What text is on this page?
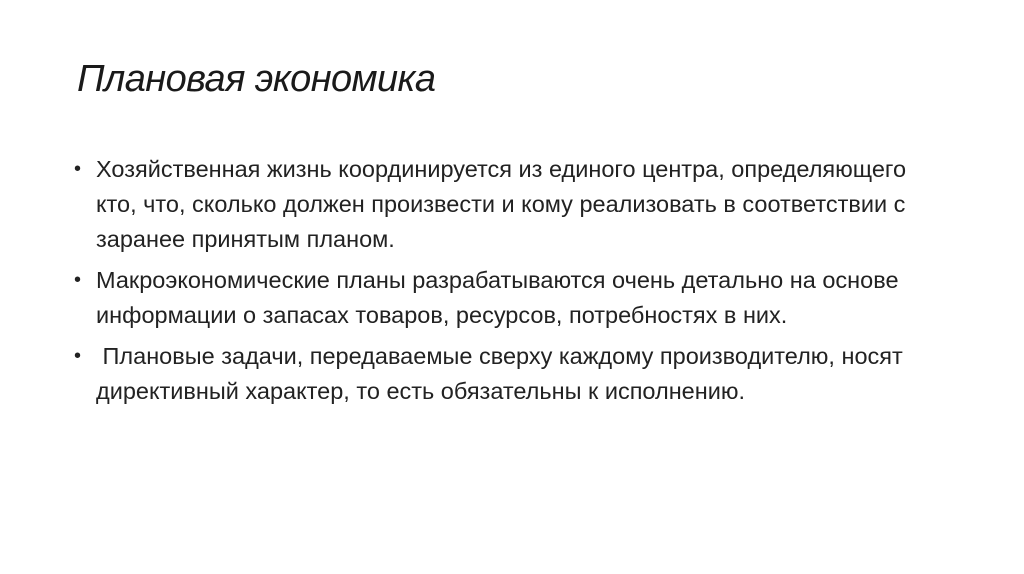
Плановая экономика
• Хозяйственная жизнь координируется из единого центра, определяющего кто, что, сколько должен произвести и кому реализовать в соответствии с заранее принятым планом.
• Макроэкономические планы разрабатываются очень детально на основе информации о запасах товаров, ресурсов, потребностях в них.
• Плановые задачи, передаваемые сверху каждому производителю, носят директивный характер, то есть обязательны к исполнению.
